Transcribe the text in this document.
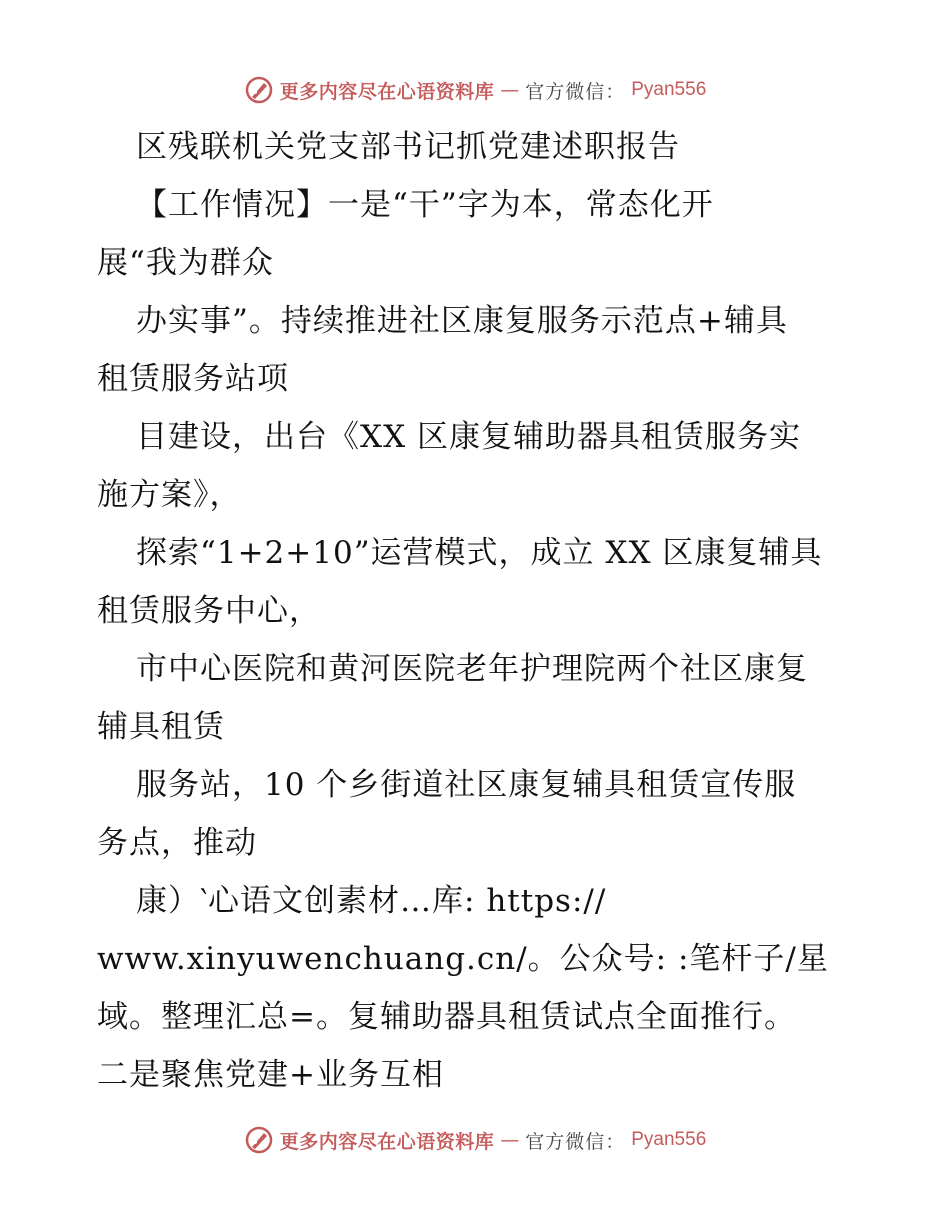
更多内容尽在心语资料库 — 官方微信： Pyan556
区残联机关党支部书记抓党建述职报告
【工作情况】一是“干”字为本，常态化开
展“我为群众
办实事”。持续推进社区康复服务示范点+辅具
租赁服务站项
目建设，出台《XX 区康复辅助器具租赁服务实
施方案》，
探索“1+2+10”运营模式，成立 XX 区康复辅具
租赁服务中心，
市中心医院和黄河医院老年护理院两个社区康复
辅具租赁
服务站，10 个乡街道社区康复辅具租赁宣传服
务点，推动
康）‵心语文创素材…库: https://
www.xinyuwenchuang.cn/。公众号: :笔杆子/星
域。整理汇总=。复辅助器具租赁试点全面推行。
二是聚焦党建+业务互相
更多内容尽在心语资料库 — 官方微信： Pyan556
